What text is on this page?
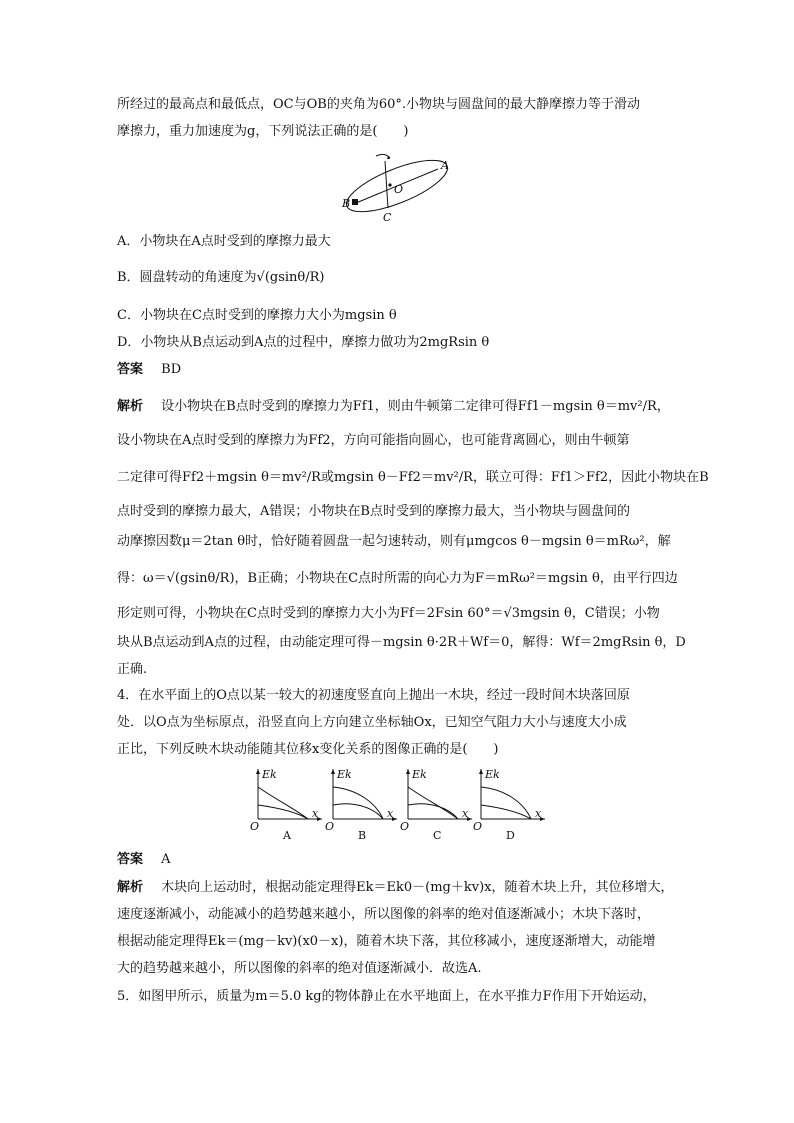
所经过的最高点和最低点，OC与OB的夹角为60°.小物块与圆盘间的最大静摩擦力等于滑动
摩擦力，重力加速度为g，下列说法正确的是(　　)
A
O
B
C
A．小物块在A点时受到的摩擦力最大
B．圆盘转动的角速度为√(gsinθ/R)
C．小物块在C点时受到的摩擦力大小为mgsin θ
D．小物块从B点运动到A点的过程中，摩擦力做功为2mgRsin θ
答案 BD
解析 设小物块在B点时受到的摩擦力为Ff1，则由牛顿第二定律可得Ff1－mgsin θ＝mv²/R，
设小物块在A点时受到的摩擦力为Ff2，方向可能指向圆心，也可能背离圆心，则由牛顿第
二定律可得Ff2＋mgsin θ＝mv²/R或mgsin θ－Ff2＝mv²/R，联立可得：Ff1＞Ff2，因此小物块在B
点时受到的摩擦力最大，A错误；小物块在B点时受到的摩擦力最大，当小物块与圆盘间的
动摩擦因数μ＝2tan θ时，恰好随着圆盘一起匀速转动，则有μmgcos θ－mgsin θ＝mRω²，解
得：ω＝√(gsinθ/R)，B正确；小物块在C点时所需的向心力为F＝mRω²＝mgsin θ，由平行四边
形定则可得，小物块在C点时受到的摩擦力大小为Ff＝2Fsin 60°＝√3mgsin θ，C错误；小物
块从B点运动到A点的过程，由动能定理可得－mgsin θ·2R＋Wf＝0，解得：Wf＝2mgRsin θ，D
正确.
4．在水平面上的O点以某一较大的初速度竖直向上抛出一木块，经过一段时间木块落回原
处．以O点为坐标原点，沿竖直向上方向建立坐标轴Ox，已知空气阻力大小与速度大小成
正比，下列反映木块动能随其位移x变化关系的图像正确的是(　　)
Ek
x
O
A
Ek
x
O
B
Ek
x
O
C
Ek
x
O
D
答案 A
解析 木块向上运动时，根据动能定理得Ek＝Ek0－(mg＋kv)x，随着木块上升，其位移增大，
速度逐渐减小，动能减小的趋势越来越小，所以图像的斜率的绝对值逐渐减小；木块下落时，
根据动能定理得Ek＝(mg－kv)(x0－x)，随着木块下落，其位移减小，速度逐渐增大，动能增
大的趋势越来越小，所以图像的斜率的绝对值逐渐减小．故选A.
5．如图甲所示，质量为m＝5.0 kg的物体静止在水平地面上，在水平推力F作用下开始运动，
